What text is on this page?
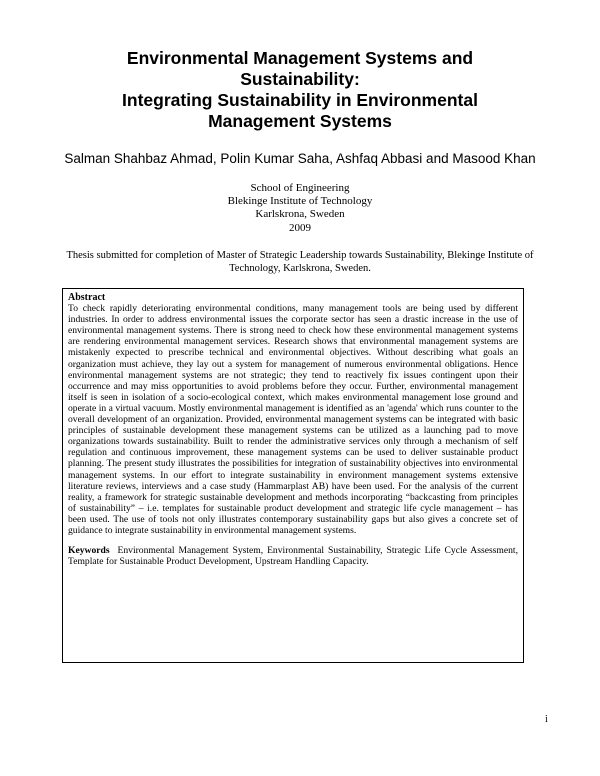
Environmental Management Systems and
Sustainability:
Integrating Sustainability in Environmental
Management Systems

Salman Shahbaz Ahmad, Polin Kumar Saha, Ashfaq Abbasi and Masood Khan

School of Engineering
Blekinge Institute of Technology
Karlskrona, Sweden
2009

Thesis submitted for completion of Master of Strategic Leadership towards Sustainability, Blekinge Institute of Technology, Karlskrona, Sweden.

Abstract

To check rapidly deteriorating environmental conditions, many management tools are being used by different industries. In order to address environmental issues the corporate sector has seen a drastic increase in the use of environmental management systems. There is strong need to check how these environmental management systems are rendering environmental management services. Research shows that environmental management systems are mistakenly expected to prescribe technical and environmental objectives. Without describing what goals an organization must achieve, they lay out a system for management of numerous environmental obligations. Hence environmental management systems are not strategic; they tend to reactively fix issues contingent upon their occurrence and may miss opportunities to avoid problems before they occur. Further, environmental management itself is seen in isolation of a socio-ecological context, which makes environmental management lose ground and operate in a virtual vacuum. Mostly environmental management is identified as an 'agenda' which runs counter to the overall development of an organization. Provided, environmental management systems can be integrated with basic principles of sustainable development these management systems can be utilized as a launching pad to move organizations towards sustainability. Built to render the administrative services only through a mechanism of self regulation and continuous improvement, these management systems can be used to deliver sustainable product planning. The present study illustrates the possibilities for integration of sustainability objectives into environmental management systems. In our effort to integrate sustainability in environment management systems extensive literature reviews, interviews and a case study (Hammarplast AB) have been used. For the analysis of the current reality, a framework for strategic sustainable development and methods incorporating “backcasting from principles of sustainability” – i.e. templates for sustainable product development and strategic life cycle management – has been used. The use of tools not only illustrates contemporary sustainability gaps but also gives a concrete set of guidance to integrate sustainability in environmental management systems.

Keywords Environmental Management System, Environmental Sustainability, Strategic Life Cycle Assessment, Template for Sustainable Product Development, Upstream Handling Capacity.

i
